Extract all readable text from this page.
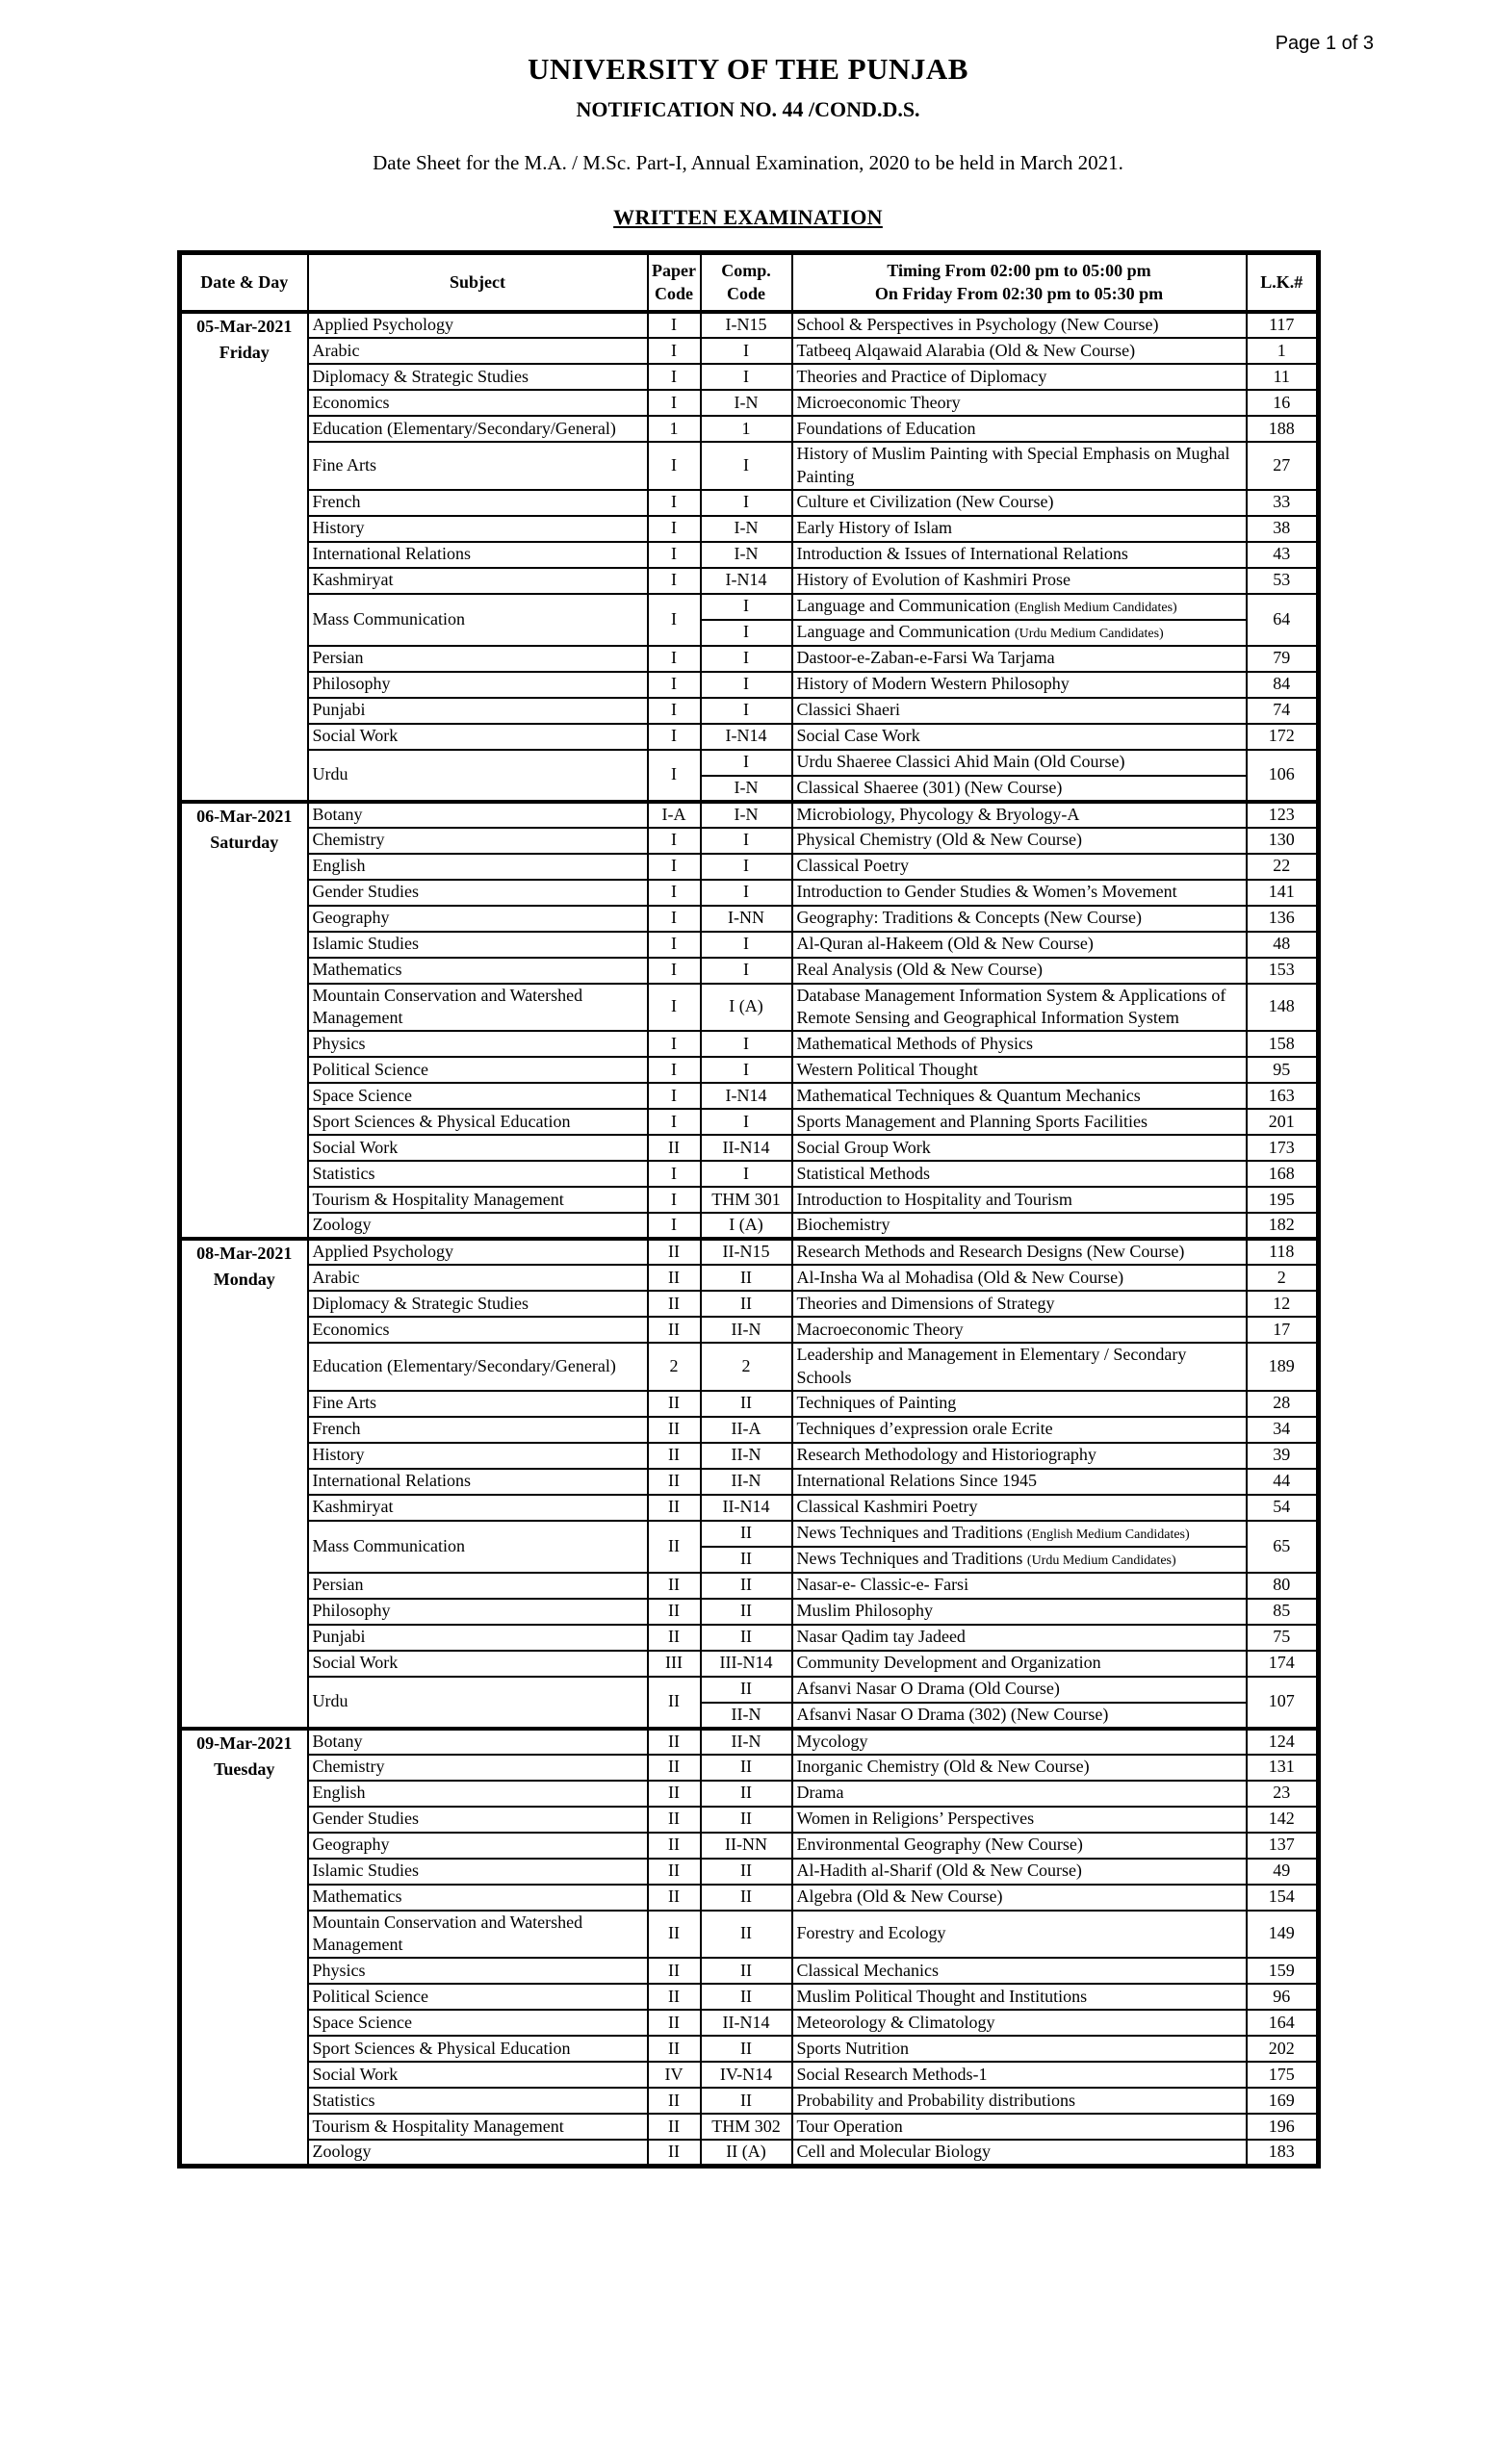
Page 1 of 3
UNIVERSITY OF THE PUNJAB
NOTIFICATION NO. 44 /COND.D.S.
Date Sheet for the M.A. / M.Sc. Part-I, Annual Examination, 2020 to be held in March 2021.
WRITTEN EXAMINATION
Date & Day	Subject	Paper Code	Comp. Code	Timing From 02:00 pm to 05:00 pm
On Friday From 02:30 pm to 05:30 pm	L.K.#

05-Mar-2021
Friday	Applied Psychology	I	I-N15	School & Perspectives in Psychology (New Course)	117
	Arabic	I	I	Tatbeeq Alqawaid Alarabia (Old & New Course)	1
	Diplomacy & Strategic Studies	I	I	Theories and Practice of Diplomacy	11
	Economics	I	I-N	Microeconomic Theory	16
	Education (Elementary/Secondary/General)	1	1	Foundations of Education	188
	Fine Arts	I	I	History of Muslim Painting with Special Emphasis on Mughal Painting	27
	French	I	I	Culture et Civilization (New Course)	33
	History	I	I-N	Early History of Islam	38
	International Relations	I	I-N	Introduction & Issues of International Relations	43
	Kashmiryat	I	I-N14	History of Evolution of Kashmiri Prose	53
	Mass Communication	I	I	Language and Communication (English Medium Candidates)	64
			I	Language and Communication (Urdu Medium Candidates)	
	Persian	I	I	Dastoor-e-Zaban-e-Farsi Wa Tarjama	79
	Philosophy	I	I	History of Modern Western Philosophy	84
	Punjabi	I	I	Classici Shaeri	74
	Social Work	I	I-N14	Social Case Work	172
	Urdu	I	I	Urdu Shaeree Classici Ahid Main (Old Course)	106
			I-N	Classical Shaeree (301) (New Course)	

06-Mar-2021
Saturday	Botany	I-A	I-N	Microbiology, Phycology & Bryology-A	123
	Chemistry	I	I	Physical Chemistry (Old & New Course)	130
	English	I	I	Classical Poetry	22
	Gender Studies	I	I	Introduction to Gender Studies & Women’s Movement	141
	Geography	I	I-NN	Geography: Traditions & Concepts (New Course)	136
	Islamic Studies	I	I	Al-Quran al-Hakeem (Old & New Course)	48
	Mathematics	I	I	Real Analysis (Old & New Course)	153
	Mountain Conservation and Watershed Management	I	I (A)	Database Management Information System & Applications of Remote Sensing and Geographical Information System	148
	Physics	I	I	Mathematical Methods of Physics	158
	Political Science	I	I	Western Political Thought	95
	Space Science	I	I-N14	Mathematical Techniques & Quantum Mechanics	163
	Sport Sciences & Physical Education	I	I	Sports Management and Planning Sports Facilities	201
	Social Work	II	II-N14	Social Group Work	173
	Statistics	I	I	Statistical Methods	168
	Tourism & Hospitality Management	I	THM 301	Introduction to Hospitality and Tourism	195
	Zoology	I	I (A)	Biochemistry	182

08-Mar-2021
Monday	Applied Psychology	II	II-N15	Research Methods and Research Designs (New Course)	118
	Arabic	II	II	Al-Insha Wa al Mohadisa (Old & New Course)	2
	Diplomacy & Strategic Studies	II	II	Theories and Dimensions of Strategy	12
	Economics	II	II-N	Macroeconomic Theory	17
	Education (Elementary/Secondary/General)	2	2	Leadership and Management in Elementary / Secondary Schools	189
	Fine Arts	II	II	Techniques of Painting	28
	French	II	II-A	Techniques d’expression orale Ecrite	34
	History	II	II-N	Research Methodology and Historiography	39
	International Relations	II	II-N	International Relations Since 1945	44
	Kashmiryat	II	II-N14	Classical Kashmiri Poetry	54
	Mass Communication	II	II	News Techniques and Traditions (English Medium Candidates)	65
			II	News Techniques and Traditions (Urdu Medium Candidates)	
	Persian	II	II	Nasar-e- Classic-e- Farsi	80
	Philosophy	II	II	Muslim Philosophy	85
	Punjabi	II	II	Nasar Qadim tay Jadeed	75
	Social Work	III	III-N14	Community Development and Organization	174
	Urdu	II	II	Afsanvi Nasar O Drama (Old Course)	107
			II-N	Afsanvi Nasar O Drama (302) (New Course)	

09-Mar-2021
Tuesday	Botany	II	II-N	Mycology	124
	Chemistry	II	II	Inorganic Chemistry (Old & New Course)	131
	English	II	II	Drama	23
	Gender Studies	II	II	Women in Religions’ Perspectives	142
	Geography	II	II-NN	Environmental Geography (New Course)	137
	Islamic Studies	II	II	Al-Hadith al-Sharif (Old & New Course)	49
	Mathematics	II	II	Algebra (Old & New Course)	154
	Mountain Conservation and Watershed Management	II	II	Forestry and Ecology	149
	Physics	II	II	Classical Mechanics	159
	Political Science	II	II	Muslim Political Thought and Institutions	96
	Space Science	II	II-N14	Meteorology & Climatology	164
	Sport Sciences & Physical Education	II	II	Sports Nutrition	202
	Social Work	IV	IV-N14	Social Research Methods-1	175
	Statistics	II	II	Probability and Probability distributions	169
	Tourism & Hospitality Management	II	THM 302	Tour Operation	196
	Zoology	II	II (A)	Cell and Molecular Biology	183
